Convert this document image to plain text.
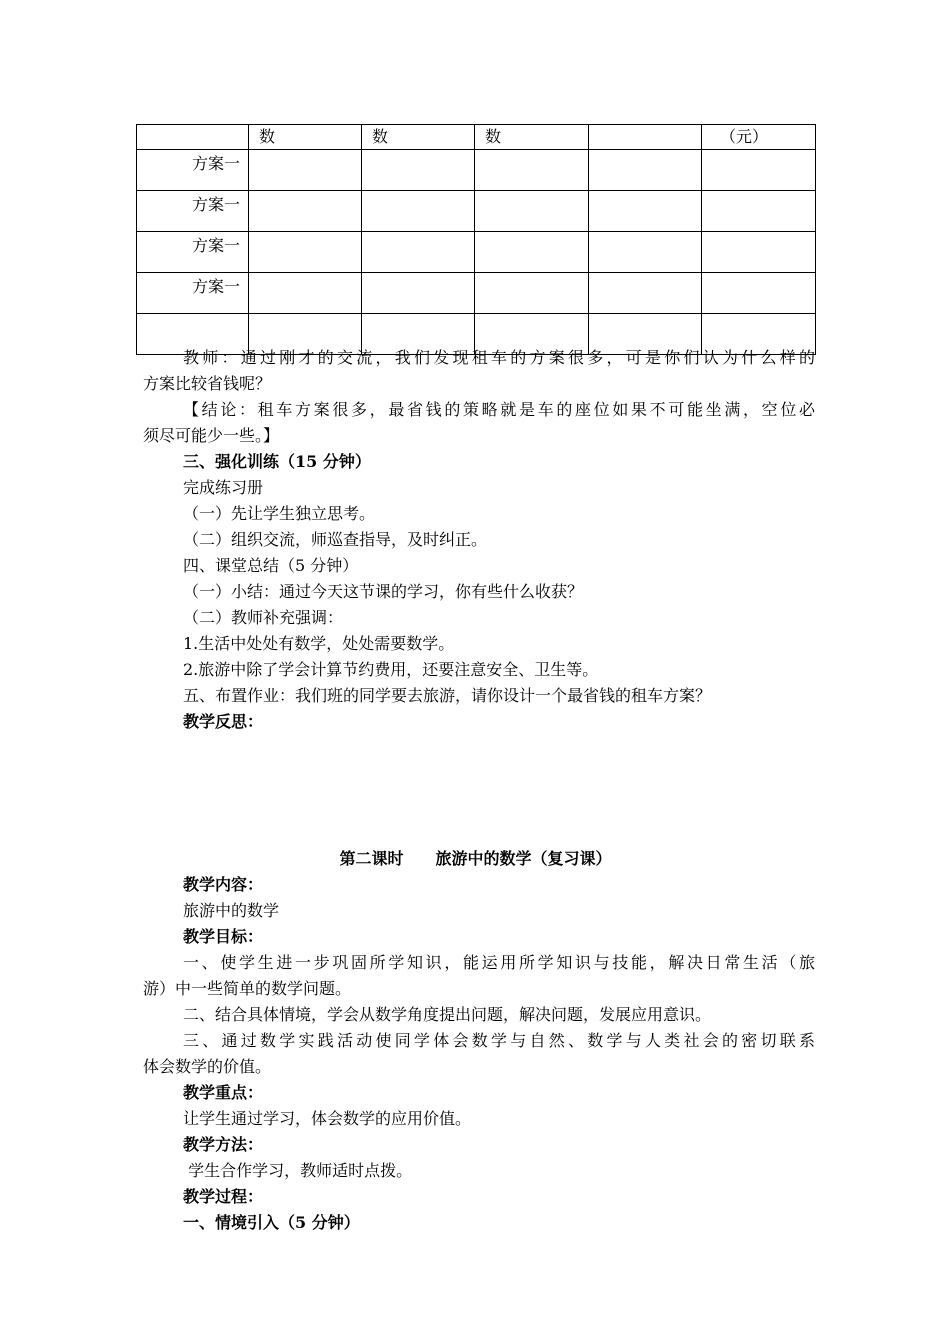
	数	数	数		（元）
方案一					
方案一					
方案一					
方案一					

教师：通过刚才的交流，我们发现租车的方案很多，可是你们认为什么样的
方案比较省钱呢？
【结论：租车方案很多，最省钱的策略就是车的座位如果不可能坐满，空位必
须尽可能少一些。】
三、强化训练（15 分钟）
完成练习册
（一）先让学生独立思考。
（二）组织交流，师巡查指导，及时纠正。
四、课堂总结（5 分钟）
（一）小结：通过今天这节课的学习，你有些什么收获？
（二）教师补充强调：
1.生活中处处有数学，处处需要数学。
2.旅游中除了学会计算节约费用，还要注意安全、卫生等。
五、布置作业：我们班的同学要去旅游，请你设计一个最省钱的租车方案？
教学反思：
第二课时　　旅游中的数学（复习课）
教学内容：
旅游中的数学
教学目标：
一、使学生进一步巩固所学知识，能运用所学知识与技能，解决日常生活（旅
游）中一些简单的数学问题。
二、结合具体情境，学会从数学角度提出问题，解决问题，发展应用意识。
三、通过数学实践活动使同学体会数学与自然、数学与人类社会的密切联系
体会数学的价值。
教学重点：
让学生通过学习，体会数学的应用价值。
教学方法：
学生合作学习，教师适时点拨。
教学过程：
一、情境引入（5 分钟）
